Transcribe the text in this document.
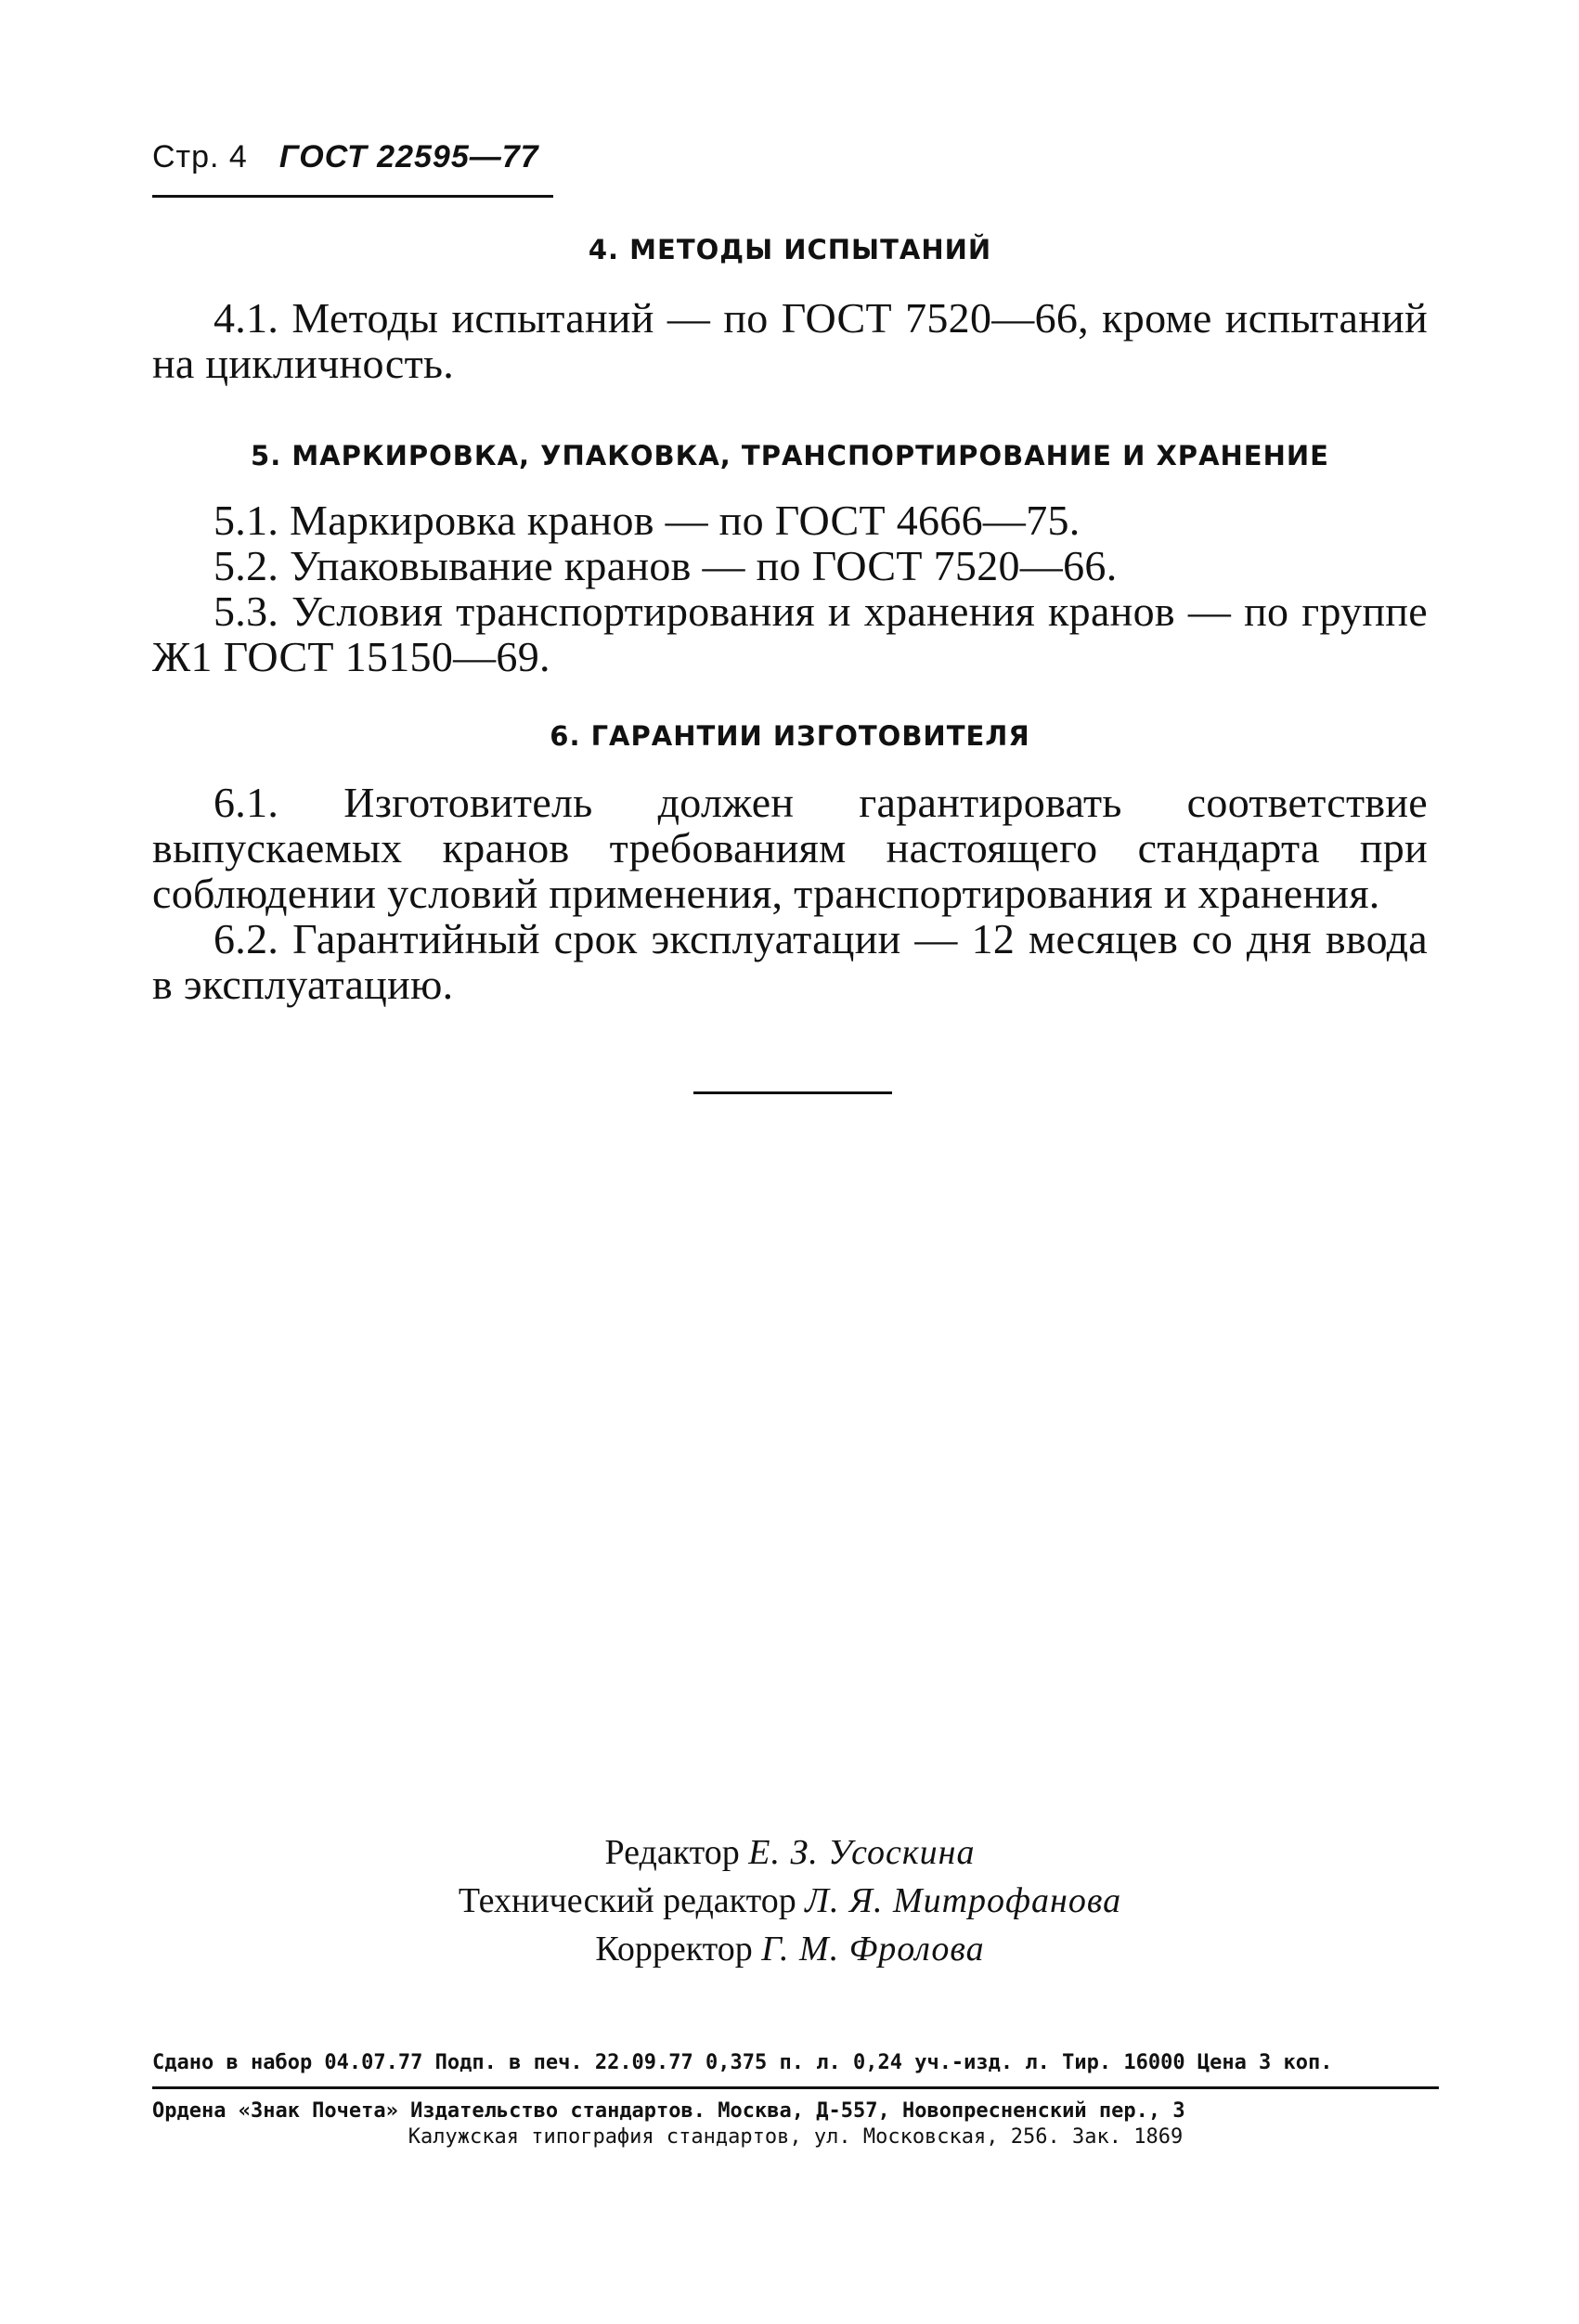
Стр. 4 ГОСТ 22595—77
4. МЕТОДЫ ИСПЫТАНИЙ

4.1. Методы испытаний — по ГОСТ 7520—66, кроме испытаний на цикличность.

5. МАРКИРОВКА, УПАКОВКА, ТРАНСПОРТИРОВАНИЕ И ХРАНЕНИЕ

5.1. Маркировка кранов — по ГОСТ 4666—75.

5.2. Упаковывание кранов — по ГОСТ 7520—66.

5.3. Условия транспортирования и хранения кранов — по группе Ж1 ГОСТ 15150—69.

6. ГАРАНТИИ ИЗГОТОВИТЕЛЯ

6.1. Изготовитель должен гарантировать соответствие выпускаемых кранов требованиям настоящего стандарта при соблюдении условий применения, транспортирования и хранения.

6.2. Гарантийный срок эксплуатации — 12 месяцев со дня ввода в эксплуатацию.

Редактор Е. З. Усоскина
Технический редактор Л. Я. Митрофанова
Корректор Г. М. Фролова
Сдано в набор 04.07.77 Подп. в печ. 22.09.77 0,375 п. л. 0,24 уч.-изд. л. Тир. 16000 Цена 3 коп.
Ордена «Знак Почета» Издательство стандартов. Москва, Д-557, Новопресненский пер., 3
Калужская типография стандартов, ул. Московская, 256. Зак. 1869
